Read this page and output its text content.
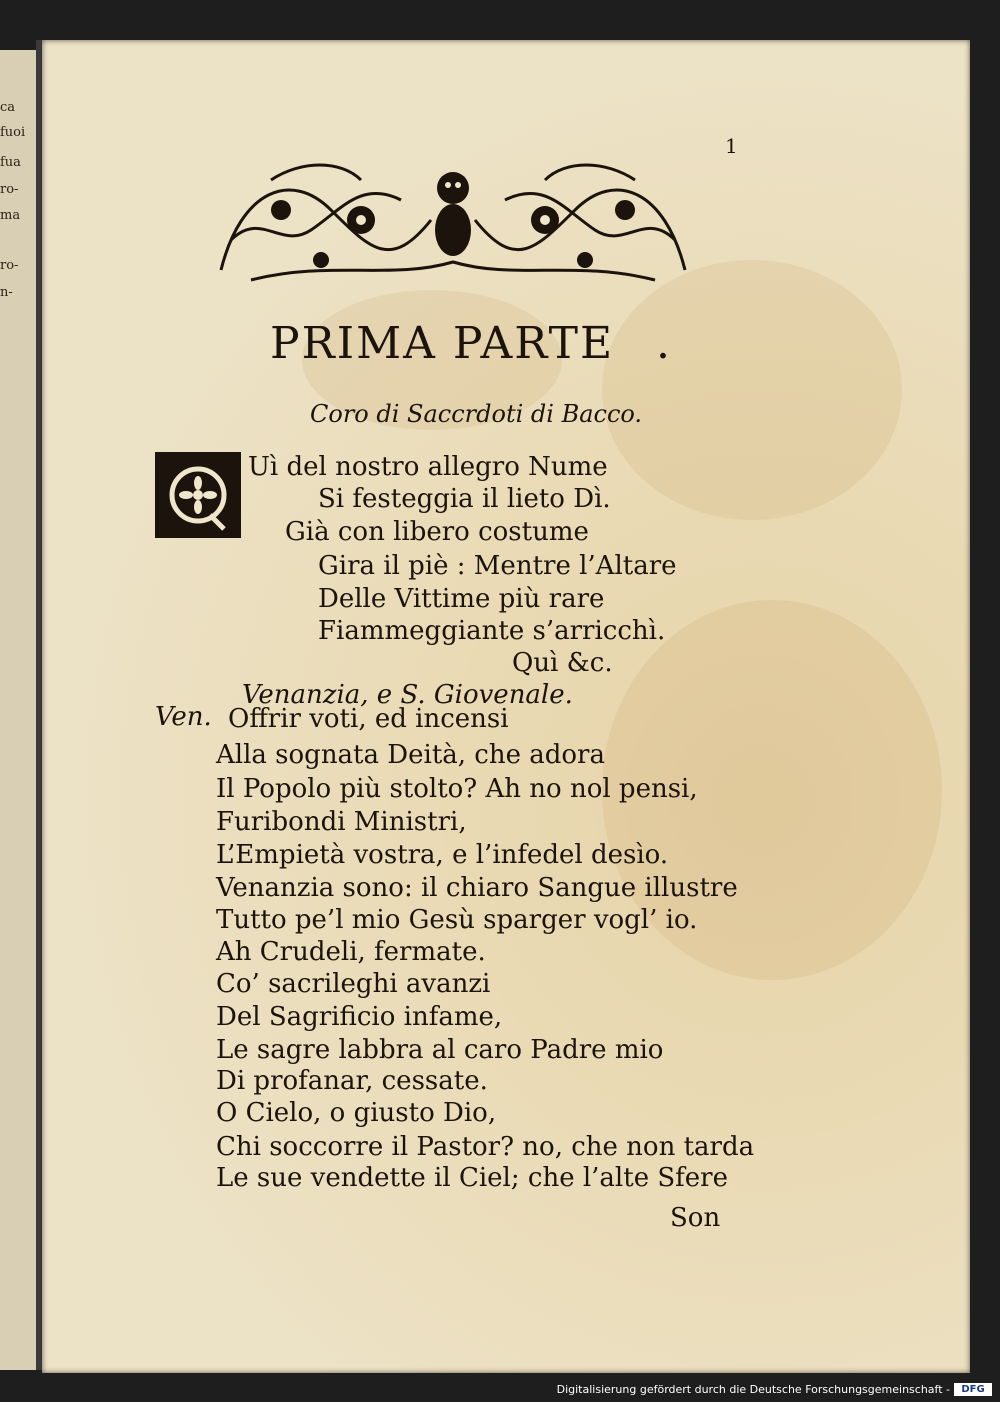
ca
fuoi
fua
ro-
ma
ro-
n-
1
PRIMA PARTE .
Coro di Saccrdoti di Bacco.
Uì del nostro allegro Nume
Si festeggia il lieto Dì.
Già con libero costume
Gira il piè : Mentre l’Altare
Delle Vittime più rare
Fiammeggiante s’arricchì.
Quì &c.
Venanzia, e S. Giovenale.
Ven. Offrir voti, ed incensi
Alla sognata Deità, che adora
Il Popolo più stolto? Ah no nol pensi,
Furibondi Ministri,
L’Empietà vostra, e l’infedel desìo.
Venanzia sono: il chiaro Sangue illustre
Tutto pe’l mio Gesù sparger vogl’ io.
Ah Crudeli, fermate.
Co’ sacrileghi avanzi
Del Sagrificio infame,
Le sagre labbra al caro Padre mio
Di profanar, cessate.
O Cielo, o giusto Dio,
Chi soccorre il Pastor? no, che non tarda
Le sue vendette il Ciel; che l’alte Sfere
Son
Digitalisierung gefördert durch die Deutsche Forschungsgemeinschaft -	DFG
